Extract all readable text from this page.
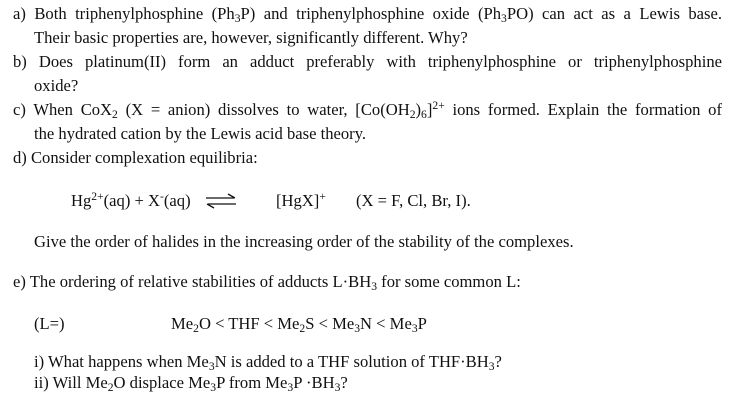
a) Both triphenylphosphine $(Ph_3P)$ and triphenylphosphine oxide $(Ph_3PO)$ can act as a Lewis base.
Their basic properties are, however, significantly different. Why?
b) Does platinum(II) form an adduct preferably with triphenylphosphine or triphenylphosphine
oxide?
c) When CoX$_2$ (X = anion) dissolves to water, $[Co(OH_2)_6]^{2+}$ ions formed. Explain the formation of
the hydrated cation by the Lewis acid base theory.
d) Consider complexation equilibria:
$Hg^{2+}(aq) + X^-(aq)$ ⇌ [HgX]+ (X = F, Cl, Br, I).
Give the order of halides in the increasing order of the stability of the complexes.
e) The ordering of relative stabilities of adducts $L\cdot BH_3$ for some common L:
(L=)	$Me_2O$ < THF < $Me_2S < Me_3N < Me_3P$
i) What happens when $Me_3N$ is added to a THF solution of $THF\cdot BH_3$?
ii) Will $Me_2O$ displace $Me_3P$ from $Me_3P \cdot BH_3$?
